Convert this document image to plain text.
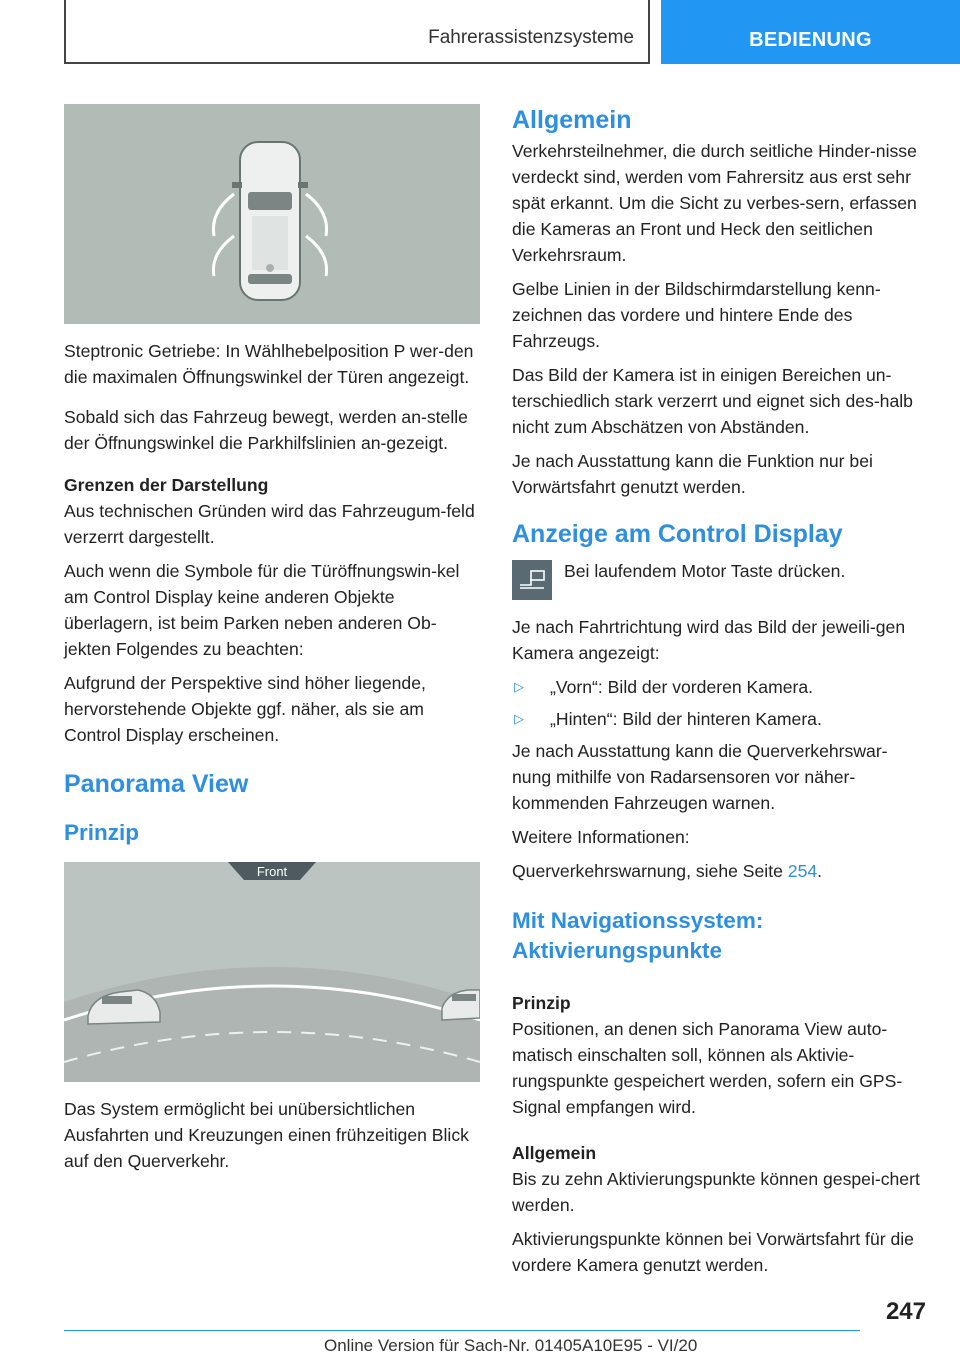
Fahrerassistenzsysteme	BEDIENUNG

Steptronic Getriebe: In Wählhebelposition P wer-den die maximalen Öffnungswinkel der Türen angezeigt.

Sobald sich das Fahrzeug bewegt, werden an-stelle der Öffnungswinkel die Parkhilfslinien an-gezeigt.

Grenzen der Darstellung

Aus technischen Gründen wird das Fahrzeugum-feld verzerrt dargestellt.

Auch wenn die Symbole für die Türöffnungswin-kel am Control Display keine anderen Objekte überlagern, ist beim Parken neben anderen Ob-jekten Folgendes zu beachten:

Aufgrund der Perspektive sind höher liegende, hervorstehende Objekte ggf. näher, als sie am Control Display erscheinen.

Panorama View
Prinzip
Front

Das System ermöglicht bei unübersichtlichen Ausfahrten und Kreuzungen einen frühzeitigen Blick auf den Querverkehr.

Allgemein

Verkehrsteilnehmer, die durch seitliche Hinder-nisse verdeckt sind, werden vom Fahrersitz aus erst sehr spät erkannt. Um die Sicht zu verbes-sern, erfassen die Kameras an Front und Heck den seitlichen Verkehrsraum.

Gelbe Linien in der Bildschirmdarstellung kenn-zeichnen das vordere und hintere Ende des Fahrzeugs.

Das Bild der Kamera ist in einigen Bereichen un-terschiedlich stark verzerrt und eignet sich des-halb nicht zum Abschätzen von Abständen.

Je nach Ausstattung kann die Funktion nur bei Vorwärtsfahrt genutzt werden.

Anzeige am Control Display

Bei laufendem Motor Taste drücken.

Je nach Fahrtrichtung wird das Bild der jeweili-gen Kamera angezeigt:

▷	„Vorn“: Bild der vorderen Kamera.
▷	„Hinten“: Bild der hinteren Kamera.

Je nach Ausstattung kann die Querverkehrswar-nung mithilfe von Radarsensoren vor näher-kommenden Fahrzeugen warnen.

Weitere Informationen:

Querverkehrswarnung, siehe Seite 254.

Mit Navigationssystem:
Aktivierungspunkte
Prinzip

Positionen, an denen sich Panorama View auto-matisch einschalten soll, können als Aktivie-rungspunkte gespeichert werden, sofern ein GPS-Signal empfangen wird.

Allgemein

Bis zu zehn Aktivierungspunkte können gespei-chert werden.

Aktivierungspunkte können bei Vorwärtsfahrt für die vordere Kamera genutzt werden.

247
Online Version für Sach-Nr. 01405A10E95 - VI/20
